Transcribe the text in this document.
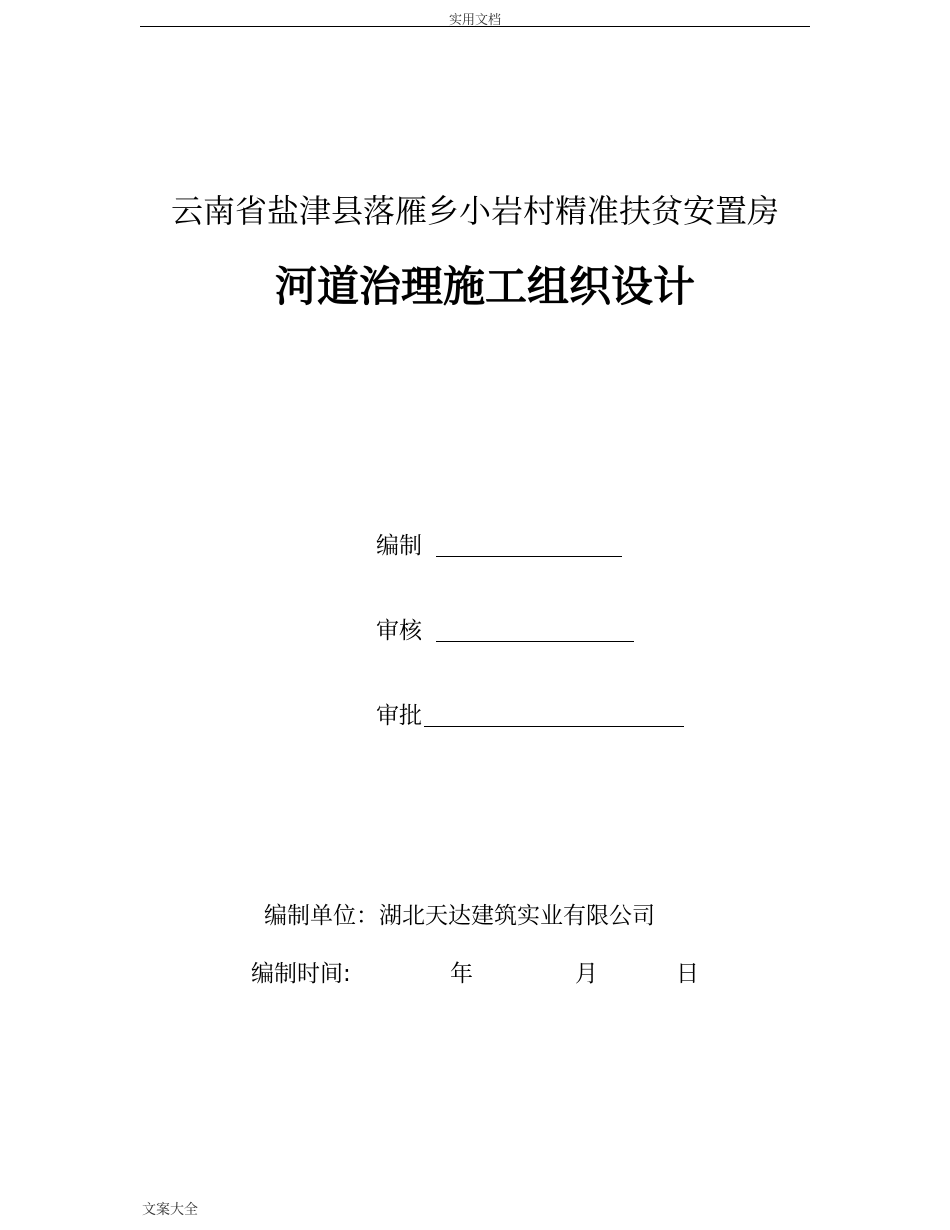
实用文档
云南省盐津县落雁乡小岩村精准扶贫安置房
河道治理施工组织设计
编制
审核
审批
编制单位：湖北天达建筑实业有限公司
编制时间:	年	月	日
文案大全
